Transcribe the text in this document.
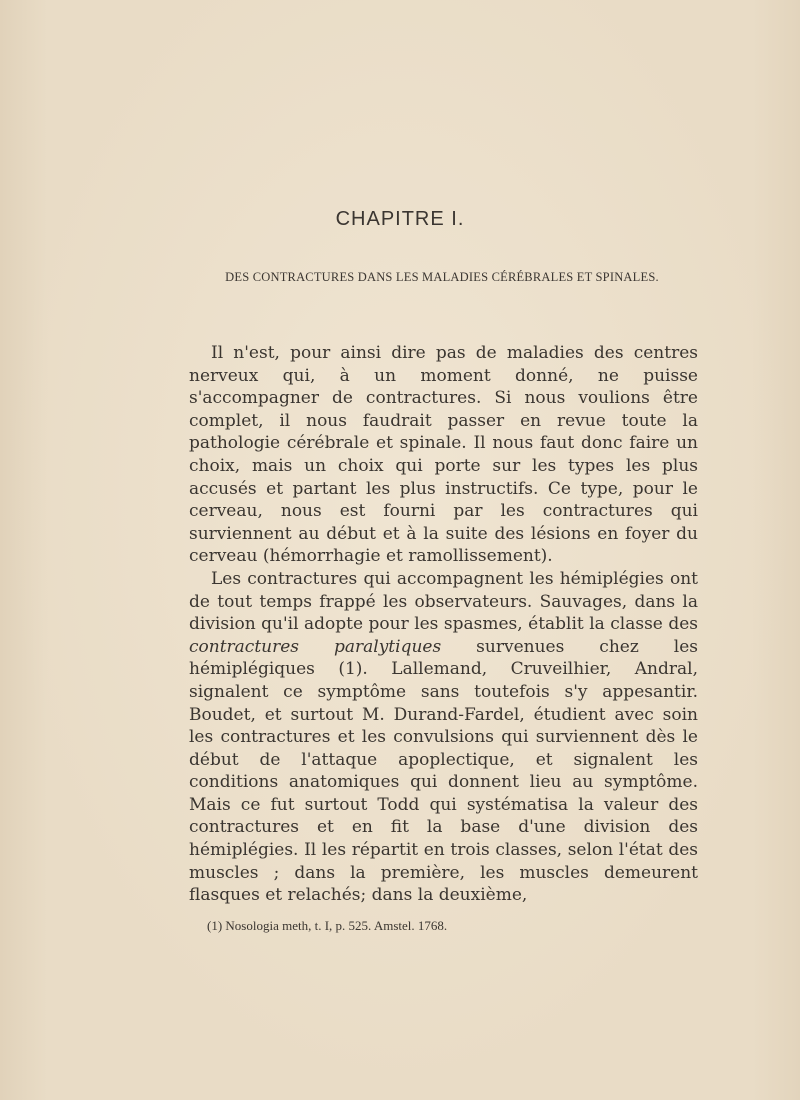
CHAPITRE I.
DES CONTRACTURES DANS LES MALADIES CÉRÉBRALES ET SPINALES.

Il n'est, pour ainsi dire pas de maladies des centres nerveux qui, à un moment donné, ne puisse s'accompagner de contractures. Si nous voulions être complet, il nous faudrait passer en revue toute la pathologie cérébrale et spinale. Il nous faut donc faire un choix, mais un choix qui porte sur les types les plus accusés et partant les plus instructifs. Ce type, pour le cerveau, nous est fourni par les contractures qui surviennent au début et à la suite des lésions en foyer du cerveau (hémorrhagie et ramollissement).

Les contractures qui accompagnent les hémiplégies ont de tout temps frappé les observateurs. Sauvages, dans la division qu'il adopte pour les spasmes, établit la classe des contractures paralytiques survenues chez les hémiplégiques (1). Lallemand, Cruveilhier, Andral, signalent ce symptôme sans toutefois s'y appesantir. Boudet, et surtout M. Durand-Fardel, étudient avec soin les contractures et les convulsions qui surviennent dès le début de l'attaque apoplectique, et signalent les conditions anatomiques qui donnent lieu au symptôme. Mais ce fut surtout Todd qui systématisa la valeur des contractures et en fit la base d'une division des hémiplégies. Il les répartit en trois classes, selon l'état des muscles ; dans la première, les muscles demeurent flasques et relachés; dans la deuxième,

(1) Nosologia meth, t. I, p. 525. Amstel. 1768.
